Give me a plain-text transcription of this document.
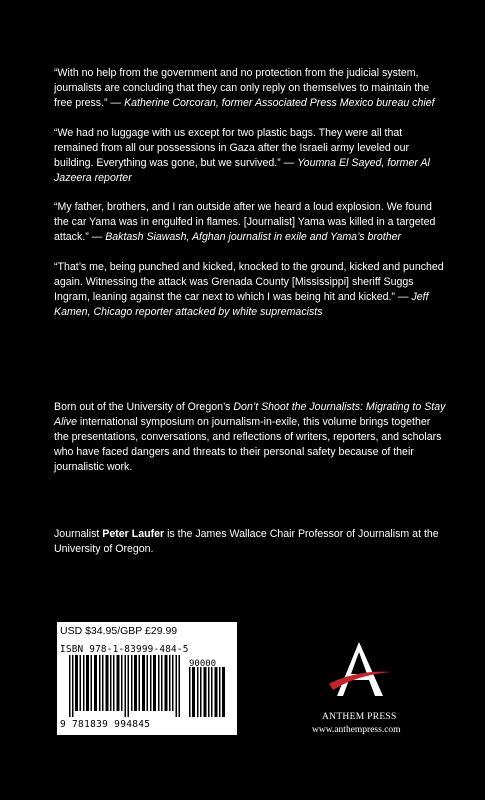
“With no help from the government and no protection from the judicial system, journalists are concluding that they can only reply on themselves to maintain the free press.” — Katherine Corcoran, former Associated Press Mexico bureau chief

“We had no luggage with us except for two plastic bags. They were all that remained from all our possessions in Gaza after the Israeli army leveled our building. Everything was gone, but we survived.” — Youmna El Sayed, former Al Jazeera reporter

“My father, brothers, and I ran outside after we heard a loud explosion. We found the car Yama was in engulfed in flames. [Journalist] Yama was killed in a targeted attack.” — Baktash Siawash, Afghan journalist in exile and Yama’s brother

“That’s me, being punched and kicked, knocked to the ground, kicked and punched again. Witnessing the attack was Grenada County [Mississippi] sheriff Suggs Ingram, leaning against the car next to which I was being hit and kicked.” — Jeff Kamen, Chicago reporter attacked by white supremacists

Born out of the University of Oregon’s Don’t Shoot the Journalists: Migrating to Stay Alive international symposium on journalism-in-exile, this volume brings together the presentations, conversations, and reflections of writers, reporters, and scholars who have faced dangers and threats to their personal safety because of their journalistic work.

Journalist Peter Laufer is the James Wallace Chair Professor of Journalism at the University of Oregon.

USD $34.95/GBP £29.99
ISBN 978-1-83999-484-5
90000
9 781839 994845
ANTHEM PRESS
www.anthempress.com
